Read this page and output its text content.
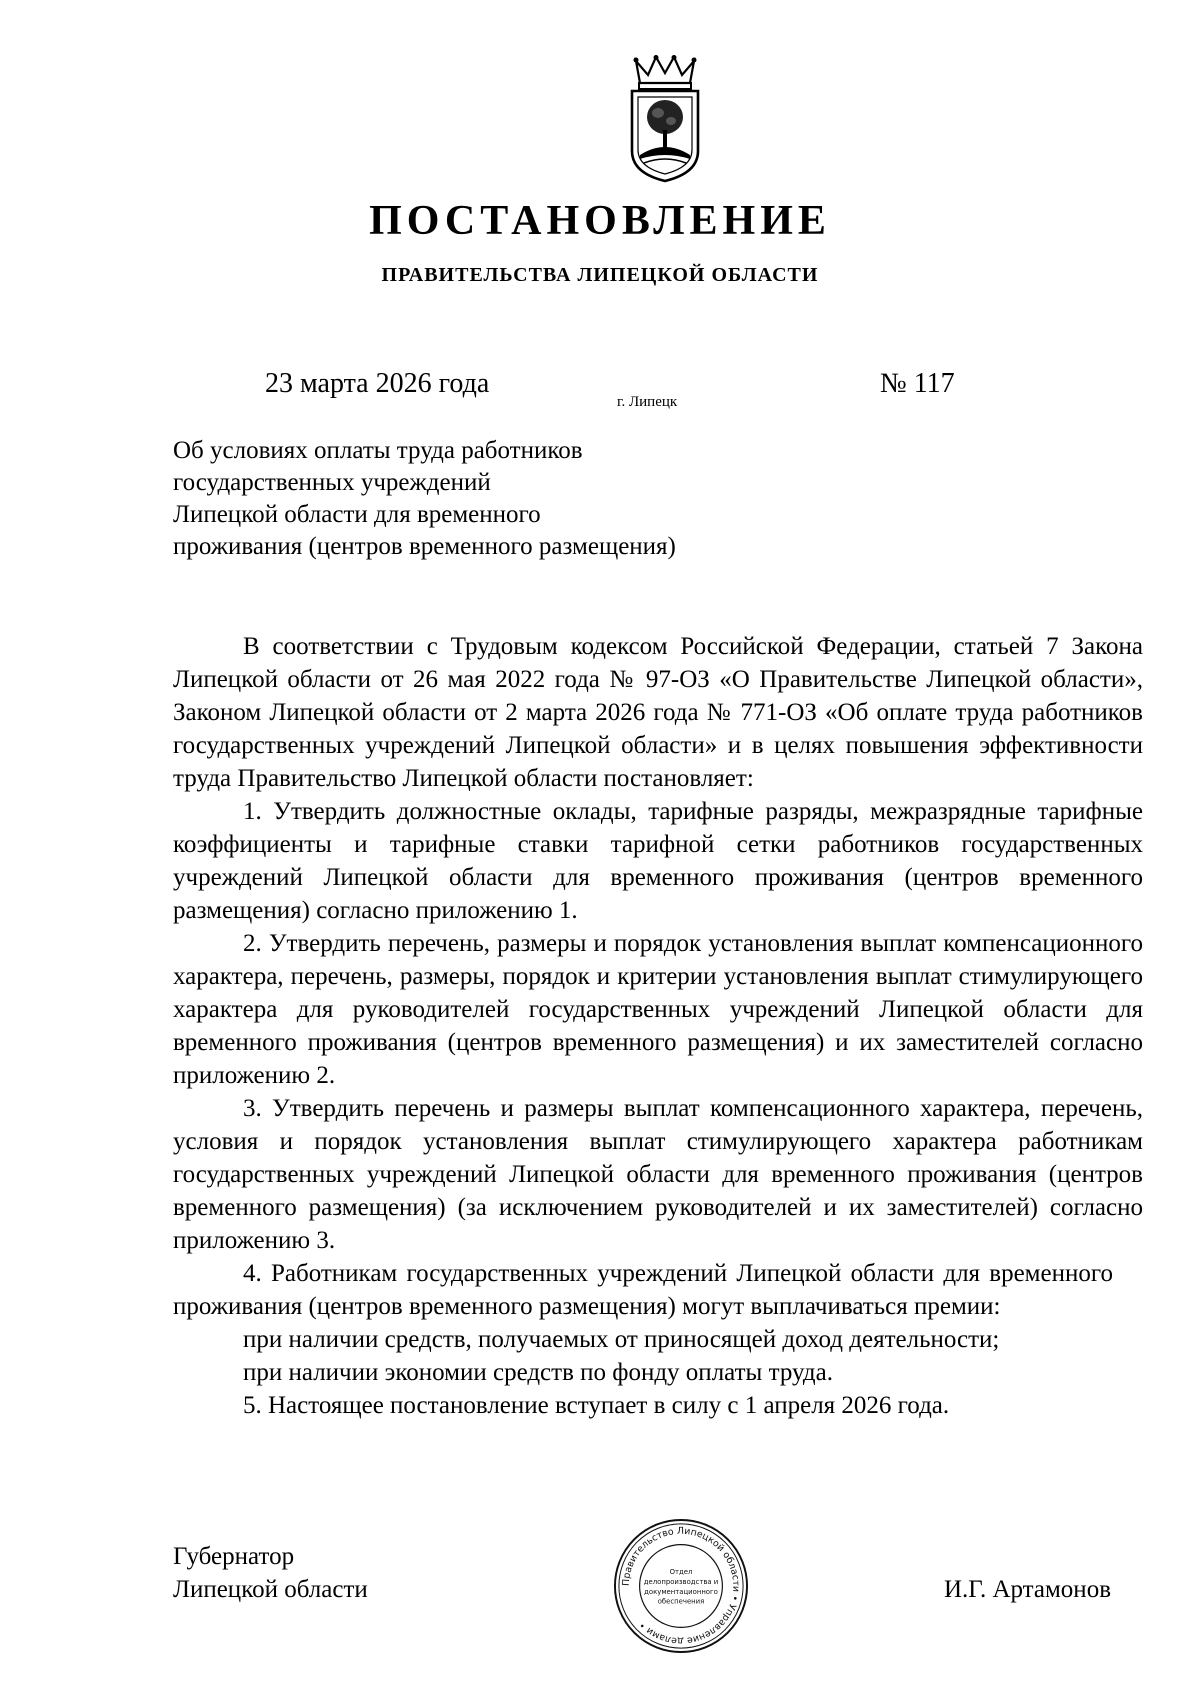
ПОСТАНОВЛЕНИЕ
ПРАВИТЕЛЬСТВА ЛИПЕЦКОЙ ОБЛАСТИ
23 марта 2026 года
г. Липецк
№ 117
Об условиях оплаты труда работников
государственных учреждений
Липецкой области для временного
проживания (центров временного размещения)

В соответствии с Трудовым кодексом Российской Федерации, статьей 7 Закона Липецкой области от 26 мая 2022 года № 97-ОЗ «О Правительстве Липецкой области», Законом Липецкой области от 2 марта 2026 года № 771-ОЗ «Об оплате труда работников государственных учреждений Липецкой области» и в целях повышения эффективности труда Правительство Липецкой области постановляет:

1. Утвердить должностные оклады, тарифные разряды, межразрядные тарифные коэффициенты и тарифные ставки тарифной сетки работников государственных учреждений Липецкой области для временного проживания (центров временного размещения) согласно приложению 1.

2. Утвердить перечень, размеры и порядок установления выплат компенсационного характера, перечень, размеры, порядок и критерии установления выплат стимулирующего характера для руководителей государственных учреждений Липецкой области для временного проживания (центров временного размещения) и их заместителей согласно приложению 2.

3. Утвердить перечень и размеры выплат компенсационного характера, перечень, условия и порядок установления выплат стимулирующего характера работникам государственных учреждений Липецкой области для временного проживания (центров временного размещения) (за исключением руководителей и их заместителей) согласно приложению 3.

4. Работникам государственных учреждений Липецкой области для временного проживания (центров временного размещения) могут выплачиваться премии:

при наличии средств, получаемых от приносящей доход деятельности;

при наличии экономии средств по фонду оплаты труда.

5. Настоящее постановление вступает в силу с 1 апреля 2026 года.

Губернатор
Липецкой области	Правительство Липецкой области • Управление делами •
Отдел
делопроизводства и
документационного
обеспечения	И.Г. Артамонов
